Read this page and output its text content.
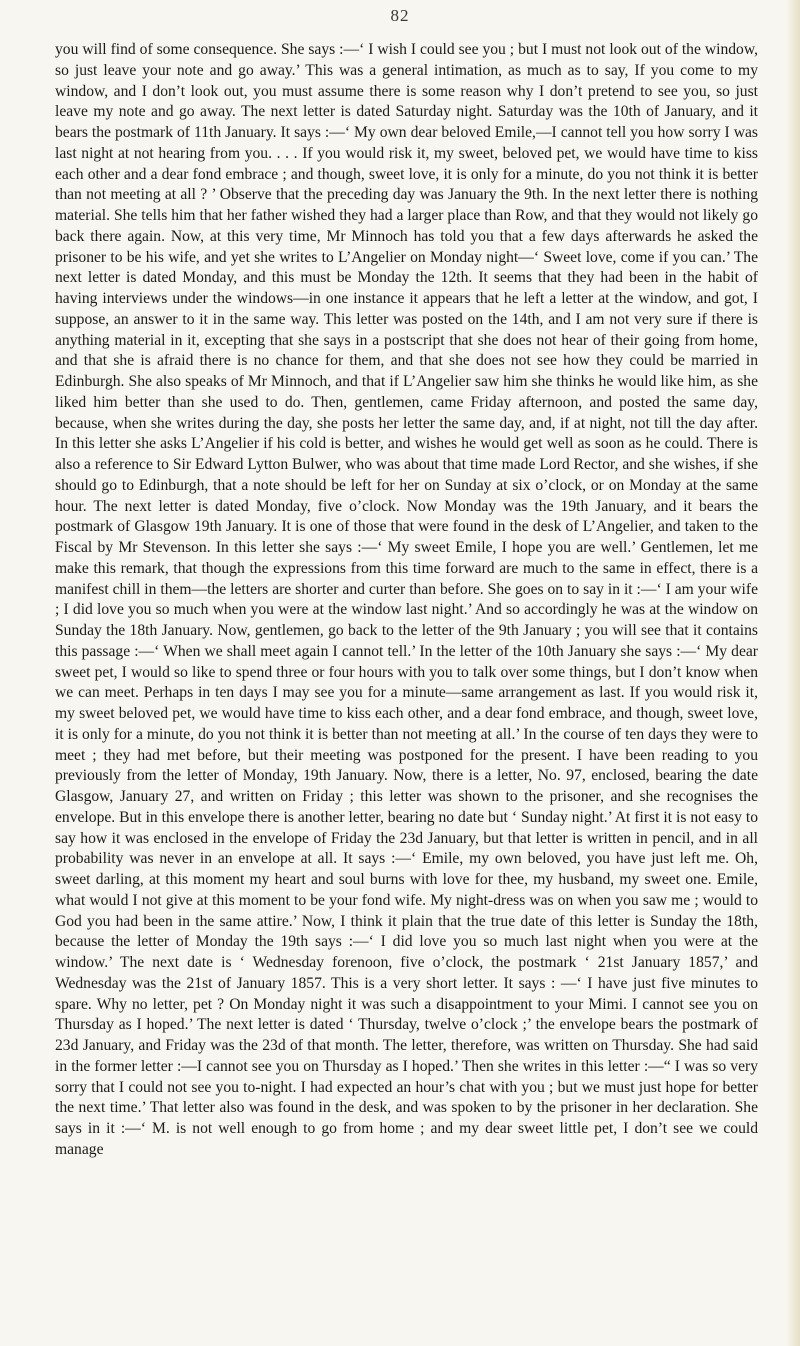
82

you will find of some consequence. She says :—‘ I wish I could see you ; but I must not look out of the window, so just leave your note and go away.’ This was a general intimation, as much as to say, If you come to my window, and I don’t look out, you must assume there is some reason why I don’t pretend to see you, so just leave my note and go away. The next letter is dated Saturday night. Saturday was the 10th of January, and it bears the postmark of 11th January. It says :—‘ My own dear beloved Emile,—I cannot tell you how sorry I was last night at not hearing from you. . . . If you would risk it, my sweet, beloved pet, we would have time to kiss each other and a dear fond embrace ; and though, sweet love, it is only for a minute, do you not think it is better than not meeting at all ? ’ Observe that the preceding day was January the 9th. In the next letter there is nothing material. She tells him that her father wished they had a larger place than Row, and that they would not likely go back there again. Now, at this very time, Mr Minnoch has told you that a few days afterwards he asked the prisoner to be his wife, and yet she writes to L’Angelier on Monday night—‘ Sweet love, come if you can.’ The next letter is dated Monday, and this must be Monday the 12th. It seems that they had been in the habit of having interviews under the windows—in one instance it appears that he left a letter at the window, and got, I suppose, an answer to it in the same way. This letter was posted on the 14th, and I am not very sure if there is anything material in it, excepting that she says in a postscript that she does not hear of their going from home, and that she is afraid there is no chance for them, and that she does not see how they could be married in Edinburgh. She also speaks of Mr Minnoch, and that if L’Angelier saw him she thinks he would like him, as she liked him better than she used to do. Then, gentlemen, came Friday afternoon, and posted the same day, because, when she writes during the day, she posts her letter the same day, and, if at night, not till the day after. In this letter she asks L’Angelier if his cold is better, and wishes he would get well as soon as he could. There is also a reference to Sir Edward Lytton Bulwer, who was about that time made Lord Rector, and she wishes, if she should go to Edinburgh, that a note should be left for her on Sunday at six o’clock, or on Monday at the same hour. The next letter is dated Monday, five o’clock. Now Monday was the 19th January, and it bears the postmark of Glasgow 19th January. It is one of those that were found in the desk of L’Angelier, and taken to the Fiscal by Mr Stevenson. In this letter she says :—‘ My sweet Emile, I hope you are well.’ Gentlemen, let me make this remark, that though the expressions from this time forward are much to the same in effect, there is a manifest chill in them—the letters are shorter and curter than before. She goes on to say in it :—‘ I am your wife ; I did love you so much when you were at the window last night.’ And so accordingly he was at the window on Sunday the 18th January. Now, gentlemen, go back to the letter of the 9th January ; you will see that it contains this passage :—‘ When we shall meet again I cannot tell.’ In the letter of the 10th January she says :—‘ My dear sweet pet, I would so like to spend three or four hours with you to talk over some things, but I don’t know when we can meet. Perhaps in ten days I may see you for a minute—same arrangement as last. If you would risk it, my sweet beloved pet, we would have time to kiss each other, and a dear fond embrace, and though, sweet love, it is only for a minute, do you not think it is better than not meeting at all.’ In the course of ten days they were to meet ; they had met before, but their meeting was postponed for the present. I have been reading to you previously from the letter of Monday, 19th January. Now, there is a letter, No. 97, enclosed, bearing the date Glasgow, January 27, and written on Friday ; this letter was shown to the prisoner, and she recognises the envelope. But in this envelope there is another letter, bearing no date but ‘ Sunday night.’ At first it is not easy to say how it was enclosed in the envelope of Friday the 23d January, but that letter is written in pencil, and in all probability was never in an envelope at all. It says :—‘ Emile, my own beloved, you have just left me. Oh, sweet darling, at this moment my heart and soul burns with love for thee, my husband, my sweet one. Emile, what would I not give at this moment to be your fond wife. My night-dress was on when you saw me ; would to God you had been in the same attire.’ Now, I think it plain that the true date of this letter is Sunday the 18th, because the letter of Monday the 19th says :—‘ I did love you so much last night when you were at the window.’ The next date is ‘ Wednesday forenoon, five o’clock, the postmark ‘ 21st January 1857,’ and Wednesday was the 21st of January 1857. This is a very short letter. It says : —‘ I have just five minutes to spare. Why no letter, pet ? On Monday night it was such a disappointment to your Mimi. I cannot see you on Thursday as I hoped.’ The next letter is dated ‘ Thursday, twelve o’clock ;’ the envelope bears the postmark of 23d January, and Friday was the 23d of that month. The letter, therefore, was written on Thursday. She had said in the former letter :—I cannot see you on Thursday as I hoped.’ Then she writes in this letter :—“ I was so very sorry that I could not see you to-night. I had expected an hour’s chat with you ; but we must just hope for better the next time.’ That letter also was found in the desk, and was spoken to by the prisoner in her declaration. She says in it :—‘ M. is not well enough to go from home ; and my dear sweet little pet, I don’t see we could manage
